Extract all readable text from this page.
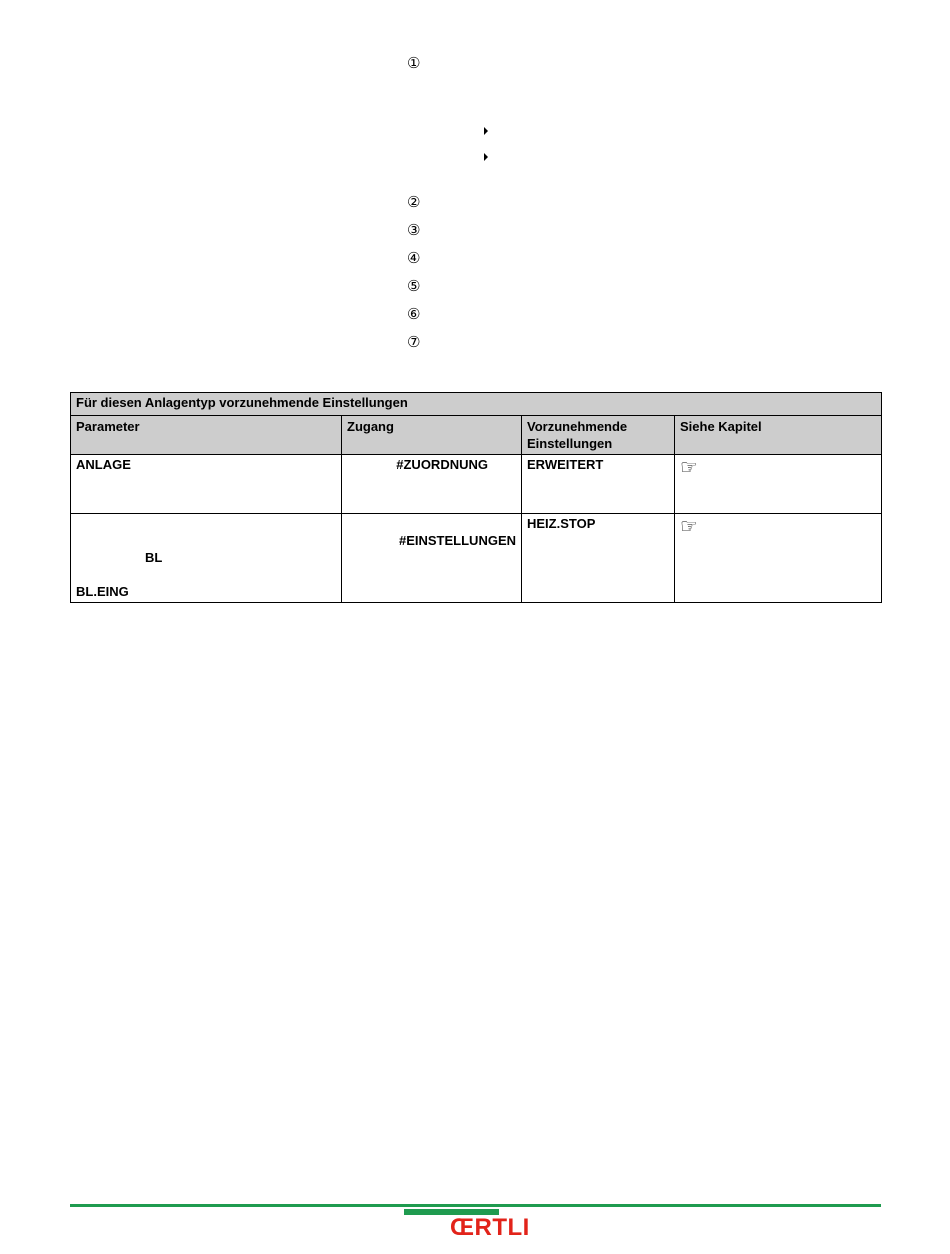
①
②
③
④
⑤
⑥
⑦
Für diesen Anlagentyp vorzunehmende Einstellungen			
Parameter	Zugang	Vorzunehmende Einstellungen	Siehe Kapitel
ANLAGE	#ZUORDNUNG	ERWEITERT	☞

BL
BL.EING	#EINSTELLUNGEN	HEIZ.STOP	☞
ŒRTLI
